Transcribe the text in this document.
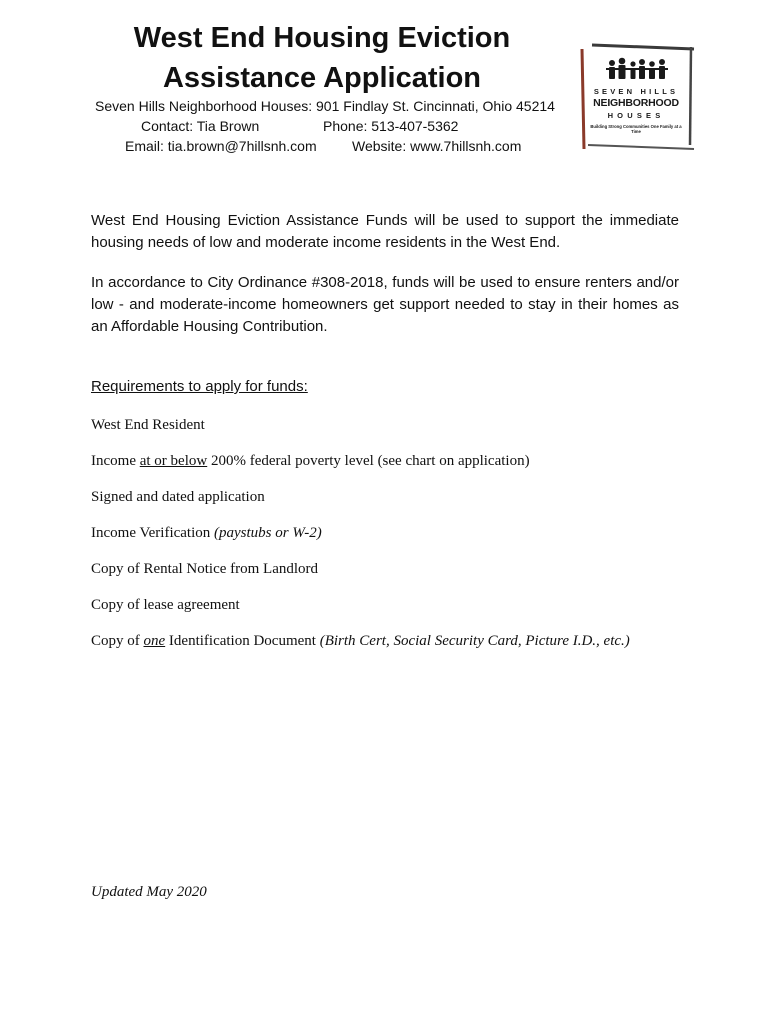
West End Housing Eviction
Assistance Application
Seven Hills Neighborhood Houses: 901 Findlay St. Cincinnati, Ohio 45214
Contact: Tia Brown	Phone: 513-407-5362
Email: tia.brown@7hillsnh.com	Website: www.7hillsnh.com
SEVEN HILLS
NEIGHBORHOOD
HOUSES
Building Strong Communities One Family at a Time

West End Housing Eviction Assistance Funds will be used to support the immediate housing needs of low and moderate income residents in the West End.

In accordance to City Ordinance #308-2018, funds will be used to ensure renters and/or low - and moderate-income homeowners get support needed to stay in their homes as an Affordable Housing Contribution.

Requirements to apply for funds:

West End Resident
Income at or below 200% federal poverty level (see chart on application)
Signed and dated application
Income Verification (paystubs or W-2)
Copy of Rental Notice from Landlord
Copy of lease agreement
Copy of one Identification Document (Birth Cert, Social Security Card, Picture I.D., etc.)
Updated May 2020
